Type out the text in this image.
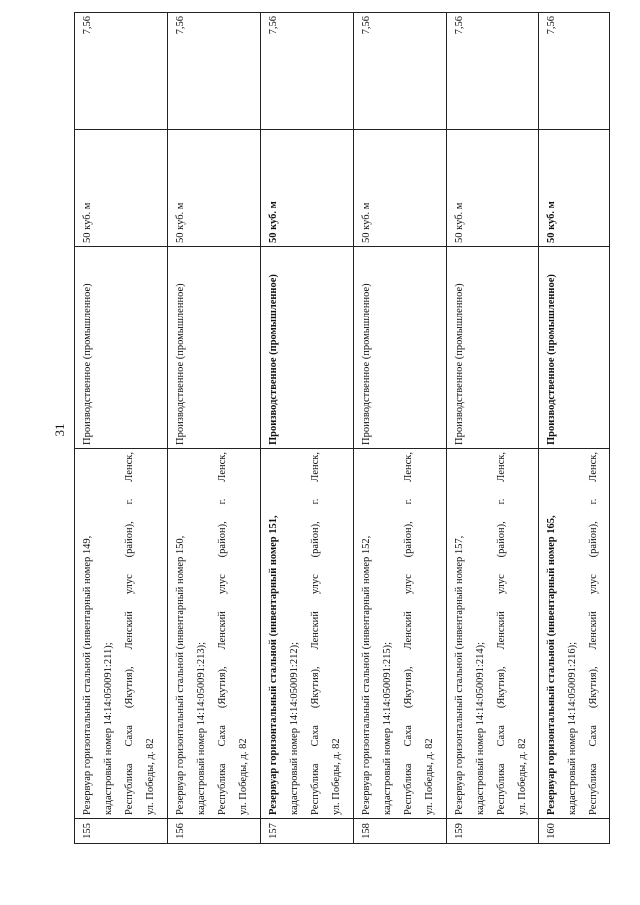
31
155	Резервуар горизонтальный стальной (инвентарный номер 149, кадастровый номер 14:14:050091:211); Республика Саха (Якутия), Ленский улус (район), г. Ленск, ул. Победы, д. 82	Производственное (промышленное)	50 куб. м	7,56
156	Резервуар горизонтальный стальной (инвентарный номер 150, кадастровый номер 14:14:050091:213); Республика Саха (Якутия), Ленский улус (район), г. Ленск, ул. Победы, д. 82	Производственное (промышленное)	50 куб. м	7,56
157	Резервуар горизонтальный стальной (инвентарный номер 151, кадастровый номер 14:14:050091:212); Республика Саха (Якутия), Ленский улус (район), г. Ленск, ул. Победы, д. 82	Производственное (промышленное)	50 куб. м	7,56
158	Резервуар горизонтальный стальной (инвентарный номер 152, кадастровый номер 14:14:050091:215); Республика Саха (Якутия), Ленский улус (район), г. Ленск, ул. Победы, д. 82	Производственное (промышленное)	50 куб. м	7,56
159	Резервуар горизонтальный стальной (инвентарный номер 157, кадастровый номер 14:14:050091:214); Республика Саха (Якутия), Ленский улус (район), г. Ленск, ул. Победы, д. 82	Производственное (промышленное)	50 куб. м	7,56
160	Резервуар горизонтальный стальной (инвентарный номер 165, кадастровый номер 14:14:050091:216); Республика Саха (Якутия), Ленский улус (район), г. Ленск,	Производственное (промышленное)	50 куб. м	7,56
